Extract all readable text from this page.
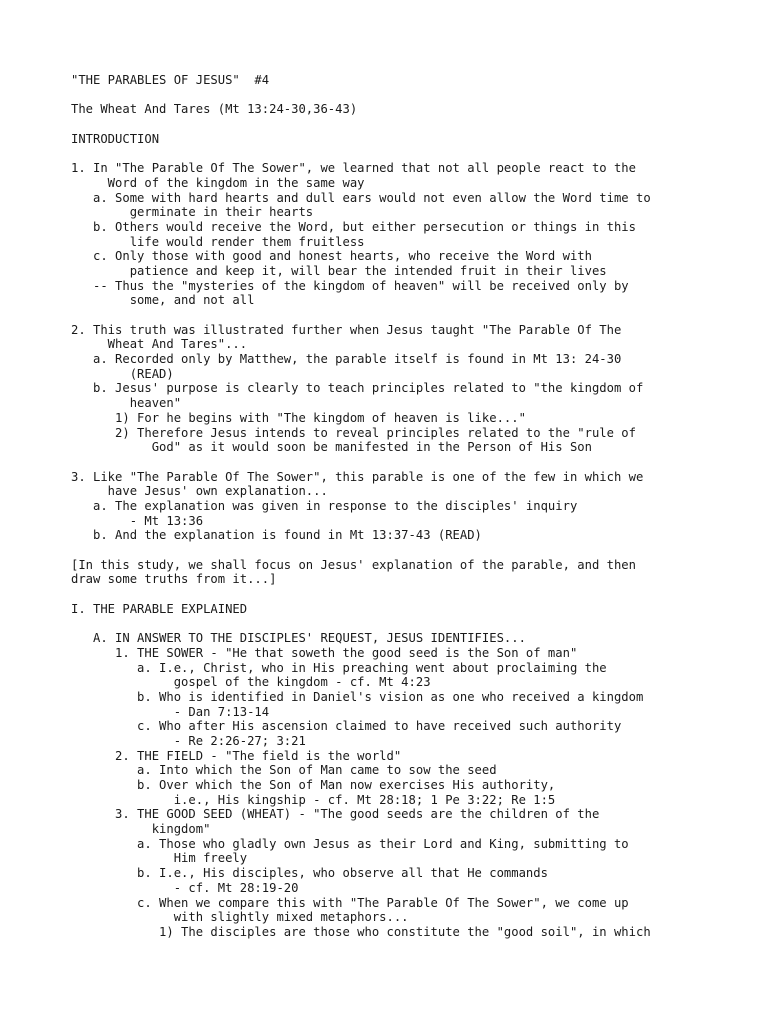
"THE PARABLES OF JESUS"  #4
The Wheat And Tares (Mt 13:24-30,36-43)
INTRODUCTION
1. In "The Parable Of The Sower", we learned that not all people react to the
Word of the kingdom in the same way
a. Some with hard hearts and dull ears would not even allow the Word time to
germinate in their hearts
b. Others would receive the Word, but either persecution or things in this
life would render them fruitless
c. Only those with good and honest hearts, who receive the Word with
patience and keep it, will bear the intended fruit in their lives
-- Thus the "mysteries of the kingdom of heaven" will be received only by
some, and not all
2. This truth was illustrated further when Jesus taught "The Parable Of The
Wheat And Tares"...
a. Recorded only by Matthew, the parable itself is found in Mt 13: 24-30
(READ)
b. Jesus' purpose is clearly to teach principles related to "the kingdom of
heaven"
1) For he begins with "The kingdom of heaven is like..."
2) Therefore Jesus intends to reveal principles related to the "rule of
God" as it would soon be manifested in the Person of His Son
3. Like "The Parable Of The Sower", this parable is one of the few in which we
have Jesus' own explanation...
a. The explanation was given in response to the disciples' inquiry
- Mt 13:36
b. And the explanation is found in Mt 13:37-43 (READ)
[In this study, we shall focus on Jesus' explanation of the parable, and then
draw some truths from it...]
I. THE PARABLE EXPLAINED
A. IN ANSWER TO THE DISCIPLES' REQUEST, JESUS IDENTIFIES...
1. THE SOWER - "He that soweth the good seed is the Son of man"
a. I.e., Christ, who in His preaching went about proclaiming the
gospel of the kingdom - cf. Mt 4:23
b. Who is identified in Daniel's vision as one who received a kingdom
- Dan 7:13-14
c. Who after His ascension claimed to have received such authority
- Re 2:26-27; 3:21
2. THE FIELD - "The field is the world"
a. Into which the Son of Man came to sow the seed
b. Over which the Son of Man now exercises His authority,
i.e., His kingship - cf. Mt 28:18; 1 Pe 3:22; Re 1:5
3. THE GOOD SEED (WHEAT) - "The good seeds are the children of the
kingdom"
a. Those who gladly own Jesus as their Lord and King, submitting to
Him freely
b. I.e., His disciples, who observe all that He commands
- cf. Mt 28:19-20
c. When we compare this with "The Parable Of The Sower", we come up
with slightly mixed metaphors...
1) The disciples are those who constitute the "good soil", in which
